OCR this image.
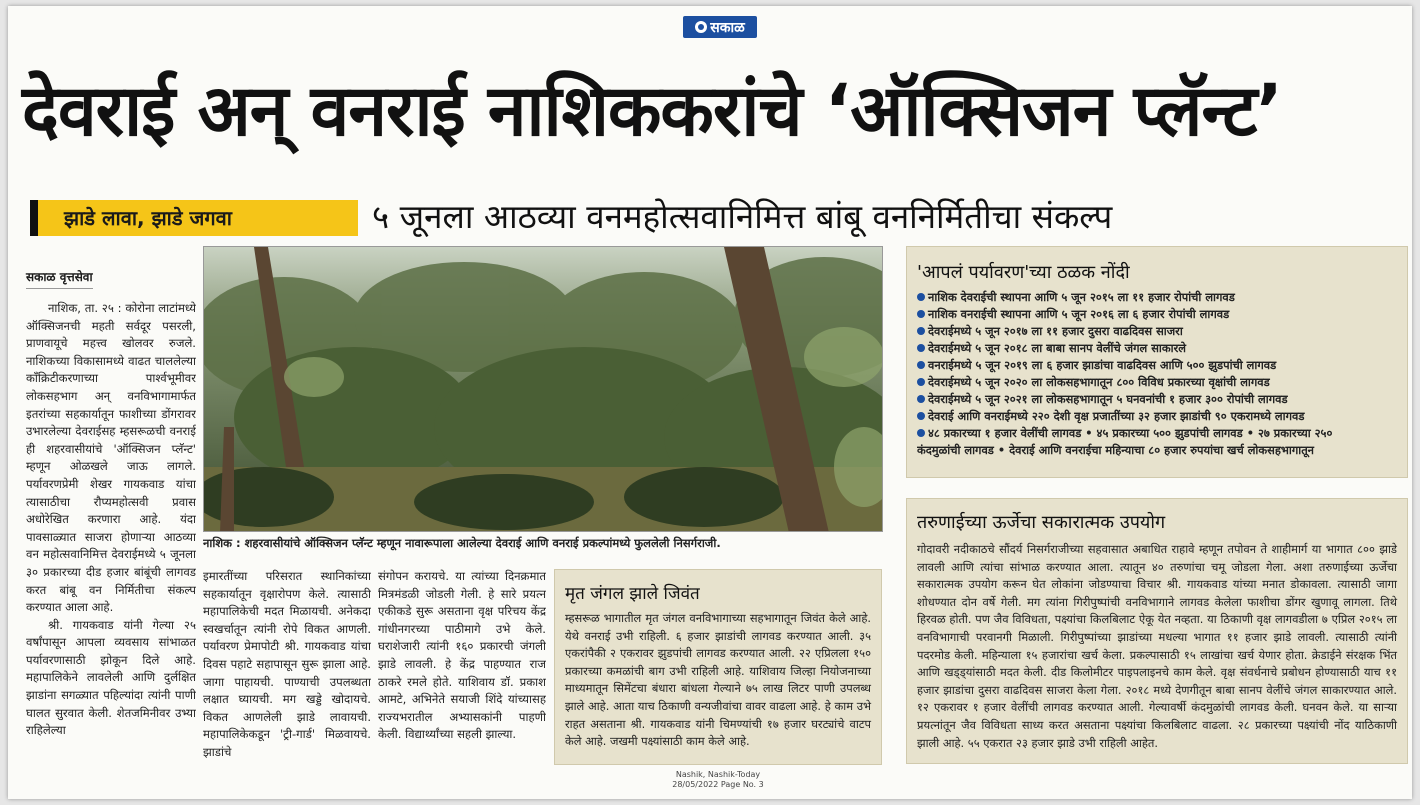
सकाळ
देवराई अन् वनराई नाशिककरांचे ‘ऑक्सिजन प्लॅन्ट’
झाडे लावा, झाडे जगवा	५ जूनला आठव्या वनमहोत्सवानिमित्त बांबू वननिर्मितीचा संकल्प
सकाळ वृत्तसेवा

नाशिक, ता. २५ : कोरोना लाटांमध्ये ऑक्सिजनची महती सर्वदूर पसरली, प्राणवायूचे महत्त्व खोलवर रुजले. नाशिकच्या विकासामध्ये वाढत चाललेल्या काँक्रिटीकरणाच्या पार्श्वभूमीवर लोकसहभाग अन् वनविभागामार्फत इतरांच्या सहकार्यातून फाशीच्या डोंगरावर उभारलेल्या देवराईसह म्हसरूळची वनराई ही शहरवासीयांचे 'ऑक्सिजन प्लॅन्ट' म्हणून ओळखले जाऊ लागले. पर्यावरणप्रेमी शेखर गायकवाड यांचा त्यासाठीचा रौप्यमहोत्सवी प्रवास अधोरेखित करणारा आहे. यंदा पावसाळ्यात साजरा होणाऱ्या आठव्या वन महोत्सवानिमित्त देवराईमध्ये ५ जूनला ३० प्रकारच्या दीड हजार बांबूंची लागवड करत बांबू वन निर्मितीचा संकल्प करण्यात आला आहे.

श्री. गायकवाड यांनी गेल्या २५ वर्षांपासून आपला व्यवसाय सांभाळत पर्यावरणासाठी झोकून दिले आहे. महापालिकेने लावलेली आणि दुर्लक्षित झाडांना सगळ्यात पहिल्यांदा त्यांनी पाणी घालत सुरवात केली. शेतजमिनीवर उभ्या राहिलेल्या

नाशिक : शहरवासीयांचे ऑक्सिजन प्लॅन्ट म्हणून नावारूपाला आलेल्या देवराई आणि वनराई प्रकल्पांमध्ये फुललेली निसर्गराजी.

इमारतींच्या परिसरात स्थानिकांच्या सहकार्यातून वृक्षारोपण केले. त्यासाठी महापालिकेची मदत मिळायची. अनेकदा स्वखर्चातून त्यांनी रोपे विकत आणली. पर्यावरण प्रेमापोटी श्री. गायकवाड यांचा दिवस पहाटे सहापासून सुरू झाला आहे. जागा पाहायची. पाण्याची उपलब्धता लक्षात घ्यायची. मग खड्डे खोदायचे. विकत आणलेली झाडे लावायची. महापालिकेकडून 'ट्री-गार्ड' मिळवायचे. झाडांचे

संगोपन करायचे. या त्यांच्या दिनक्रमात मित्रमंडळी जोडली गेली. हे सारे प्रयत्न एकीकडे सुरू असताना वृक्ष परिचय केंद्र गांधीनगरच्या पाठीमागे उभे केले. घराशेजारी त्यांनी १६० प्रकारची जंगली झाडे लावली. हे केंद्र पाहण्यात राज ठाकरे रमले होते. याशिवाय डॉ. प्रकाश आमटे, अभिनेते सयाजी शिंदे यांच्यासह राज्यभरातील अभ्यासकांनी पाहणी केली. विद्यार्थ्यांच्या सहली झाल्या.

मृत जंगल झाले जिवंत
म्हसरूळ भागातील मृत जंगल वनविभागाच्या सहभागातून जिवंत केले आहे. येथे वनराई उभी राहिली. ६ हजार झाडांची लागवड करण्यात आली. ३५ एकरांपैकी २ एकरावर झुडपांची लागवड करण्यात आली. २२ एप्रिलला १५० प्रकारच्या कमळांची बाग उभी राहिली आहे. याशिवाय जिल्हा नियोजनाच्या माध्यमातून सिमेंटचा बंधारा बांधला गेल्याने ७५ लाख लिटर पाणी उपलब्ध झाले आहे. आता याच ठिकाणी वन्यजीवांचा वावर वाढला आहे. हे काम उभे राहत असताना श्री. गायकवाड यांनी चिमण्यांची १७ हजार घरट्यांचे वाटप केले आहे. जखमी पक्ष्यांसाठी काम केले आहे.
'आपलं पर्यावरण'च्या ठळक नोंदी
नाशिक देवराईची स्थापना आणि ५ जून २०१५ ला ११ हजार रोपांची लागवड
नाशिक वनराईची स्थापना आणि ५ जून २०१६ ला ६ हजार रोपांची लागवड
देवराईमध्ये ५ जून २०१७ ला ११ हजार दुसरा वाढदिवस साजरा
देवराईमध्ये ५ जून २०१८ ला बाबा सानप वेलींचे जंगल साकारले
वनराईमध्ये ५ जून २०१९ ला ६ हजार झाडांचा वाढदिवस आणि ५०० झुडपांची लागवड
देवराईमध्ये ५ जून २०२० ला लोकसहभागातून ८०० विविध प्रकारच्या वृक्षांची लागवड
देवराईमध्ये ५ जून २०२१ ला लोकसहभागातून ५ घनवनांची १ हजार ३०० रोपांची लागवड
देवराई आणि वनराईमध्ये २२० देशी वृक्ष प्रजातींच्या ३२ हजार झाडांची ९० एकरामध्ये लागवड
४८ प्रकारच्या १ हजार वेलींची लागवड • ४५ प्रकारच्या ५०० झुडपांची लागवड • २७ प्रकारच्या २५०
कंदमुळांची लागवड • देवराई आणि वनराईचा महिन्याचा ८० हजार रुपयांचा खर्च लोकसहभागातून
तरुणाईच्या ऊर्जेचा सकारात्मक उपयोग
गोदावरी नदीकाठचे सौंदर्य निसर्गराजीच्या सहवासात अबाधित राहावे म्हणून तपोवन ते शाहीमार्ग या भागात ८०० झाडे लावली आणि त्यांचा सांभाळ करण्यात आला. त्यातून ४० तरुणांचा चमू जोडला गेला. अशा तरुणाईच्या ऊर्जेचा सकारात्मक उपयोग करून घेत लोकांना जोडण्याचा विचार श्री. गायकवाड यांच्या मनात डोकावला. त्यासाठी जागा शोधण्यात दोन वर्षे गेली. मग त्यांना गिरीपुष्पांची वनविभागाने लागवड केलेला फाशीचा डोंगर खुणावू लागला. तिथे हिरवळ होती. पण जैव विविधता, पक्ष्यांचा किलबिलाट ऐकू येत नव्हता. या ठिकाणी वृक्ष लागवडीला ७ एप्रिल २०१५ ला वनविभागाची परवानगी मिळाली. गिरीपुष्पांच्या झाडांच्या मधल्या भागात ११ हजार झाडे लावली. त्यासाठी त्यांनी पदरमोड केली. महिन्याला १५ हजारांचा खर्च केला. प्रकल्पासाठी १५ लाखांचा खर्च येणार होता. क्रेडाईने संरक्षक भिंत आणि खड्ड्यांसाठी मदत केली. दीड किलोमीटर पाइपलाइनचे काम केले. वृक्ष संवर्धनाचे प्रबोधन होण्यासाठी याच ११ हजार झाडांचा दुसरा वाढदिवस साजरा केला गेला. २०१८ मध्ये देणगीतून बाबा सानप वेलींचे जंगल साकारण्यात आले. १२ एकरावर १ हजार वेलींची लागवड करण्यात आली. गेल्यावर्षी कंदमुळांची लागवड केली. घनवन केले. या साऱ्या प्रयत्नांतून जैव विविधता साध्य करत असताना पक्ष्यांचा किलबिलाट वाढला. २८ प्रकारच्या पक्ष्यांची नोंद याठिकाणी झाली आहे. ५५ एकरात २३ हजार झाडे उभी राहिली आहेत.
Nashik, Nashik-Today
28/05/2022 Page No. 3
